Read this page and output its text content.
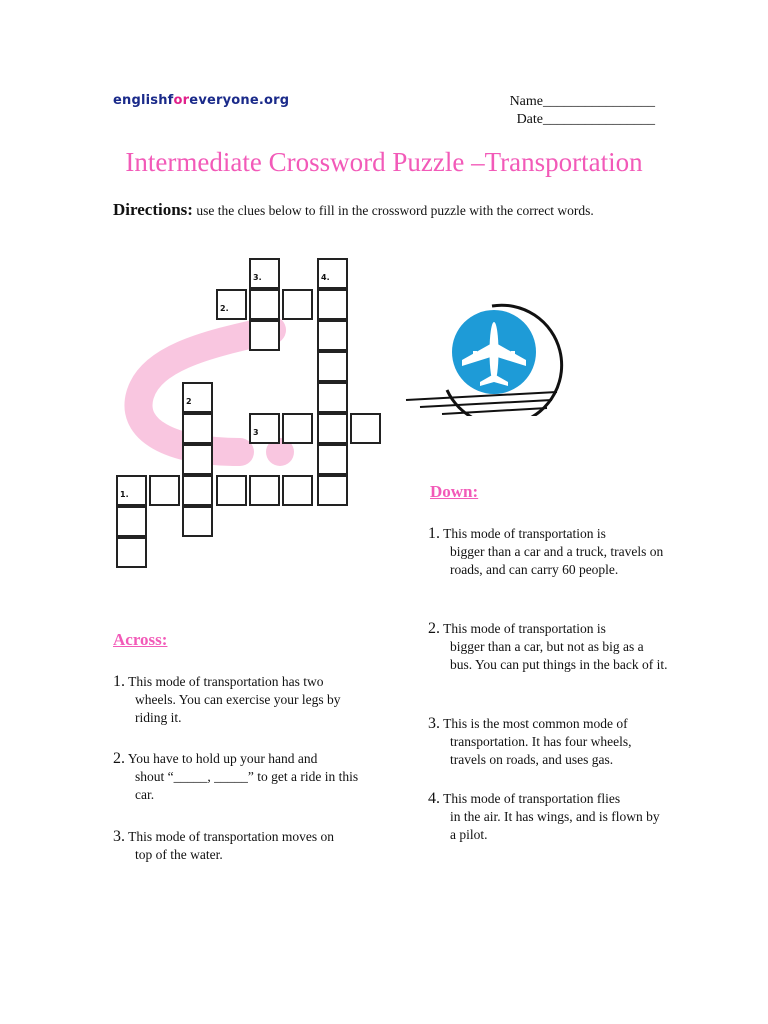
englishforeveryone.org	Name________________
Date________________
Intermediate Crossword Puzzle –Transportation
Directions: use the clues below to fill in the crossword puzzle with the correct words.
3.	4.
2.
3
2
1.	Down:
1. This mode of transportation is
bigger than a car and a truck, travels on roads, and can carry 60 people.
2. This mode of transportation is
bigger than a car, but not as big as a bus. You can put things in the back of it.
3. This is the most common mode of
transportation. It has four wheels, travels on roads, and uses gas.
4. This mode of transportation flies
in the air. It has wings, and is flown by a pilot.
Across:
1. This mode of transportation has two
wheels. You can exercise your legs by riding it.
2. You have to hold up your hand and
shout “_____, _____” to get a ride in this car.
3. This mode of transportation moves on
top of the water.
